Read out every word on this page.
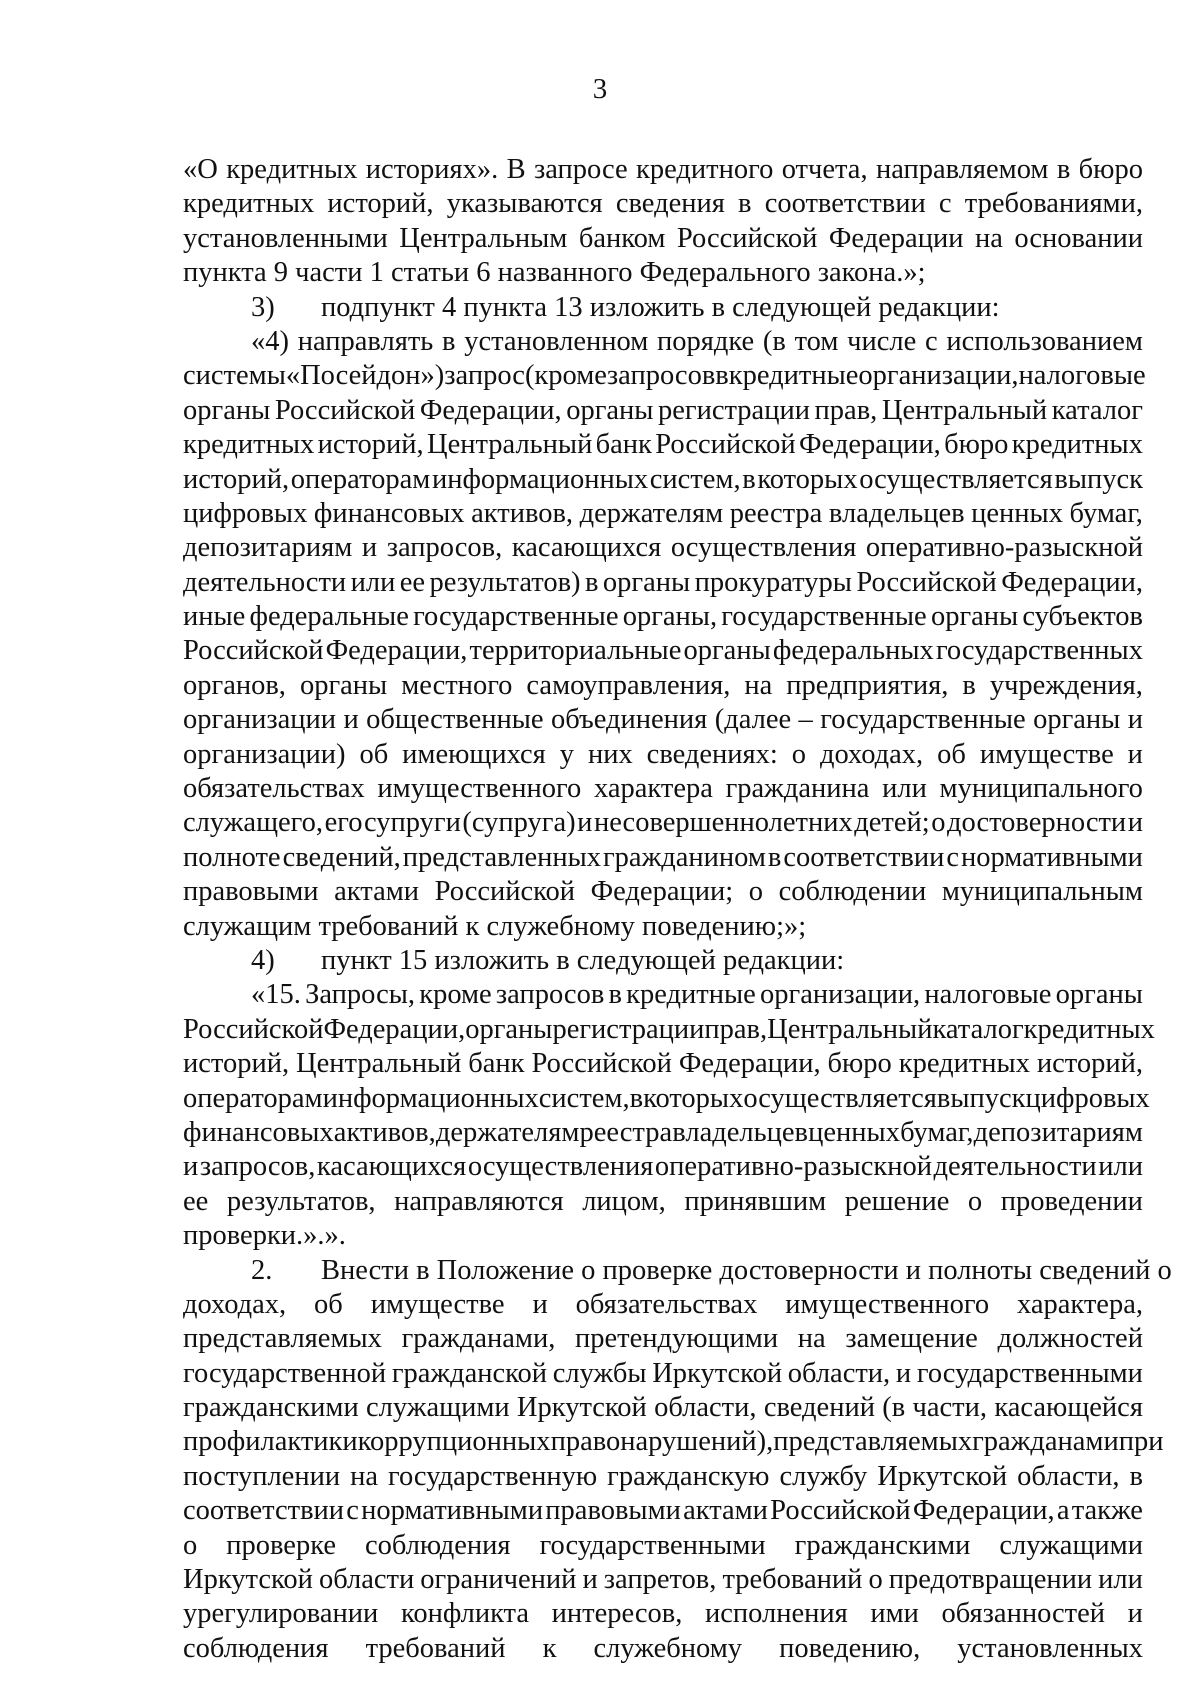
3
«О кредитных историях». В запросе кредитного отчета, направляемом в бюро
кредитных историй, указываются сведения в соответствии с требованиями,
установленными Центральным банком Российской Федерации на основании
пункта 9 части 1 статьи 6 названного Федерального закона.»;
3) подпункт 4 пункта 13 изложить в следующей редакции:
«4) направлять в установленном порядке (в том числе с использованием
системы «Посейдон») запрос (кроме запросов в кредитные организации, налоговые
органы Российской Федерации, органы регистрации прав, Центральный каталог
кредитных историй, Центральный банк Российской Федерации, бюро кредитных
историй, операторам информационных систем, в которых осуществляется выпуск
цифровых финансовых активов, держателям реестра владельцев ценных бумаг,
депозитариям и запросов, касающихся осуществления оперативно-разыскной
деятельности или ее результатов) в органы прокуратуры Российской Федерации,
иные федеральные государственные органы, государственные органы субъектов
Российской Федерации, территориальные органы федеральных государственных
органов, органы местного самоуправления, на предприятия, в учреждения,
организации и общественные объединения (далее – государственные органы и
организации) об имеющихся у них сведениях: о доходах, об имуществе и
обязательствах имущественного характера гражданина или муниципального
служащего, его супруги (супруга) и несовершеннолетних детей; о достоверности и
полноте сведений, представленных гражданином в соответствии с нормативными
правовыми актами Российской Федерации; о соблюдении муниципальным
служащим требований к служебному поведению;»;
4) пункт 15 изложить в следующей редакции:
«15. Запросы, кроме запросов в кредитные организации, налоговые органы
Российской Федерации, органы регистрации прав, Центральный каталог кредитных
историй, Центральный банк Российской Федерации, бюро кредитных историй,
операторам информационных систем, в которых осуществляется выпуск цифровых
финансовых активов, держателям реестра владельцев ценных бумаг, депозитариям
и запросов, касающихся осуществления оперативно-разыскной деятельности или
ее результатов, направляются лицом, принявшим решение о проведении
проверки.».».
2. Внести в Положение о проверке достоверности и полноты сведений о
доходах, об имуществе и обязательствах имущественного характера,
представляемых гражданами, претендующими на замещение должностей
государственной гражданской службы Иркутской области, и государственными
гражданскими служащими Иркутской области, сведений (в части, касающейся
профилактики коррупционных правонарушений), представляемых гражданами при
поступлении на государственную гражданскую службу Иркутской области, в
соответствии с нормативными правовыми актами Российской Федерации, а также
о проверке соблюдения государственными гражданскими служащими
Иркутской области ограничений и запретов, требований о предотвращении или
урегулировании конфликта интересов, исполнения ими обязанностей и
соблюдения требований к служебному поведению, установленных
